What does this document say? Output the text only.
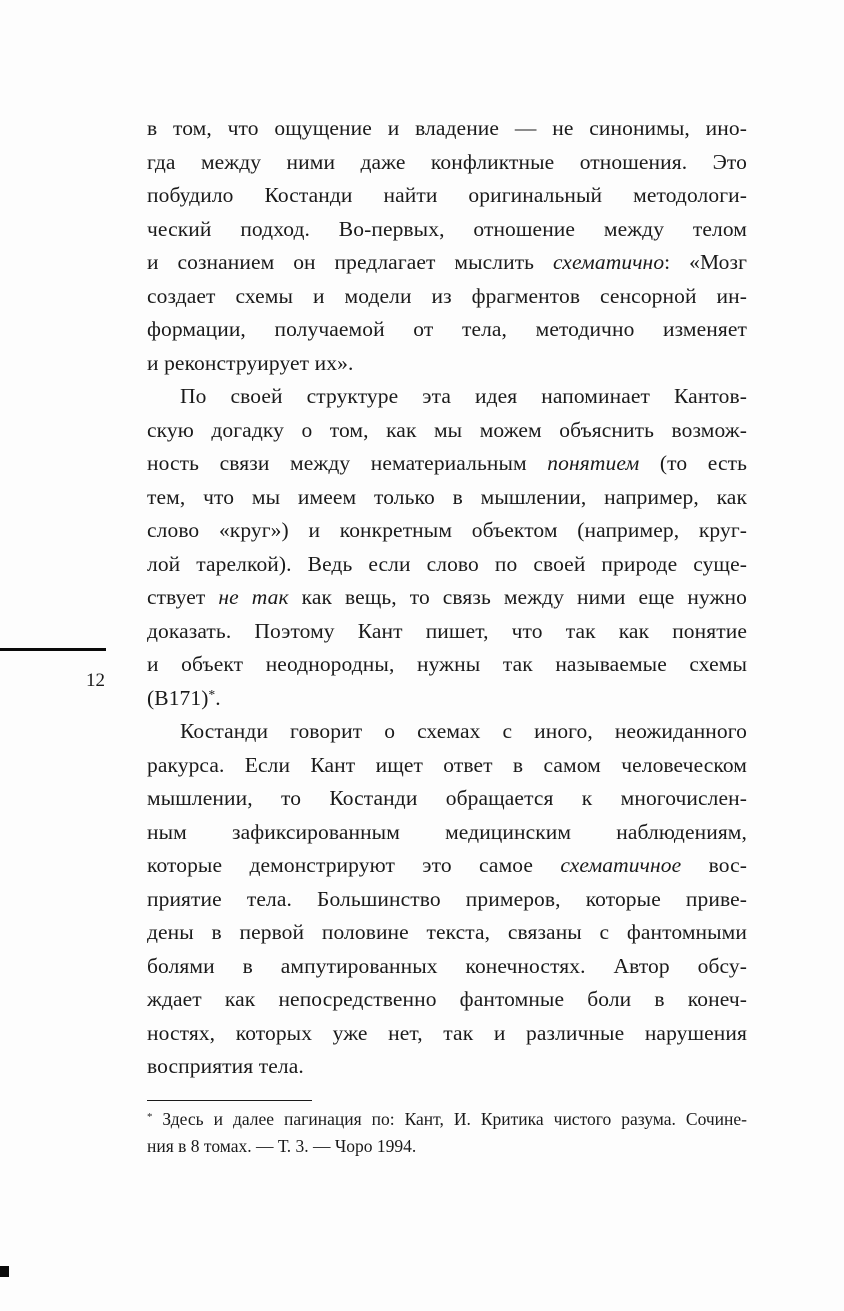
12
в том, что ощущение и владение — не синонимы, ино-
гда между ними даже конфликтные отношения. Это
побудило Костанди найти оригинальный методологи-
ческий подход. Во-первых, отношение между телом
и сознанием он предлагает мыслить схематично: «Мозг
создает схемы и модели из фрагментов сенсорной ин-
формации, получаемой от тела, методично изменяет
и реконструирует их».
По своей структуре эта идея напоминает Кантов-
скую догадку о том, как мы можем объяснить возмож-
ность связи между нематериальным понятием (то есть
тем, что мы имеем только в мышлении, например, как
слово «круг») и конкретным объектом (например, круг-
лой тарелкой). Ведь если слово по своей природе суще-
ствует не так как вещь, то связь между ними еще нужно
доказать. Поэтому Кант пишет, что так как понятие
и объект неоднородны, нужны так называемые схемы
(B171)*.
Костанди говорит о схемах с иного, неожиданного
ракурса. Если Кант ищет ответ в самом человеческом
мышлении, то Костанди обращается к многочислен-
ным зафиксированным медицинским наблюдениям,
которые демонстрируют это самое схематичное вос-
приятие тела. Большинство примеров, которые приве-
дены в первой половине текста, связаны с фантомными
болями в ампутированных конечностях. Автор обсу-
ждает как непосредственно фантомные боли в конеч-
ностях, которых уже нет, так и различные нарушения
восприятия тела.
* Здесь и далее пагинация по: Кант, И. Критика чистого разума. Сочине-
ния в 8 томах. — Т. 3. — Чоро 1994.
